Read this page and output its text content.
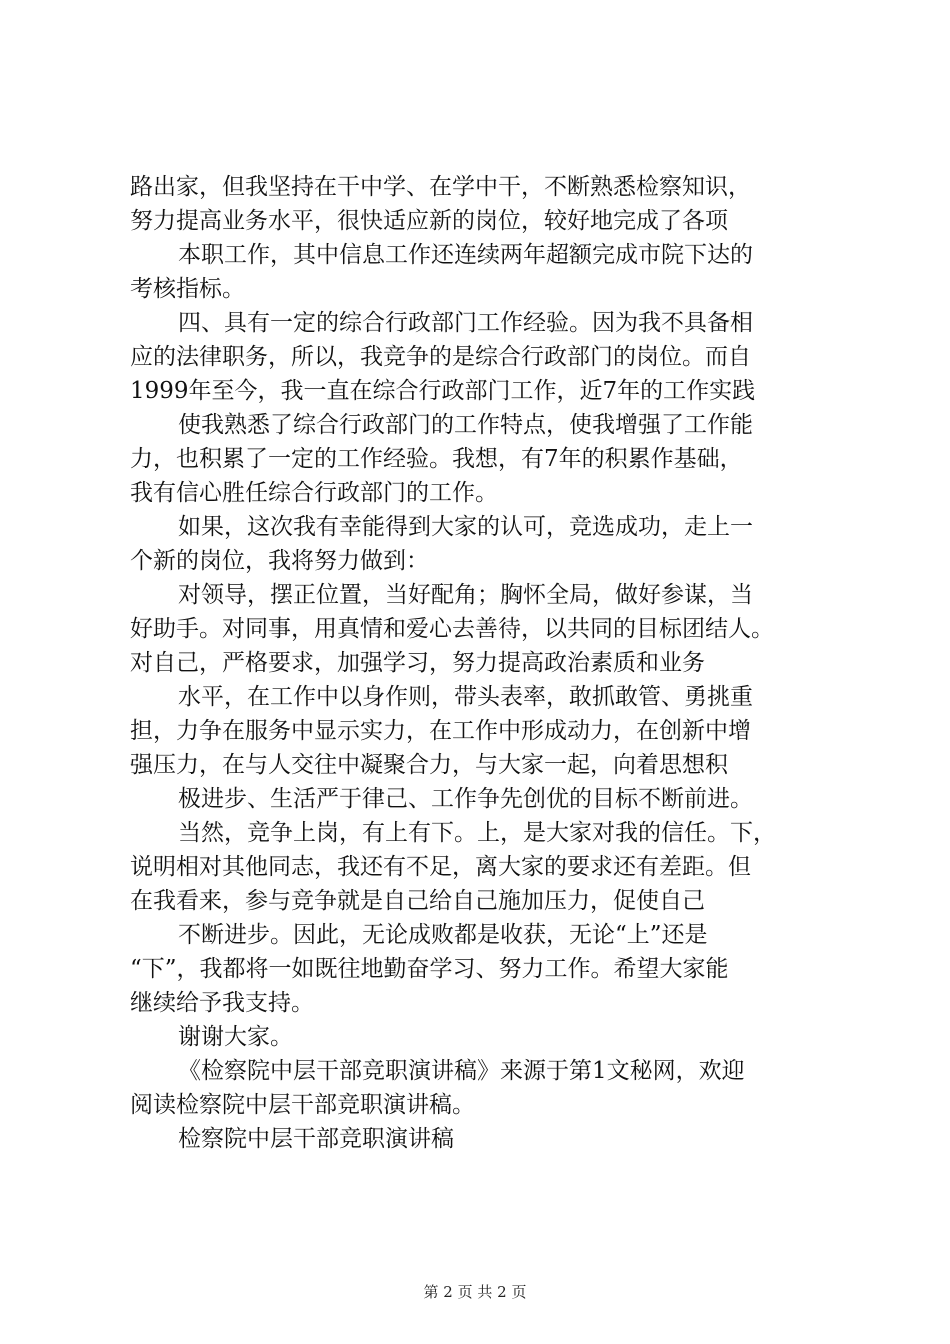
路出家，但我坚持在干中学、在学中干，不断熟悉检察知识，
努力提高业务水平，很快适应新的岗位，较好地完成了各项
本职工作，其中信息工作还连续两年超额完成市院下达的
考核指标。
四、具有一定的综合行政部门工作经验。因为我不具备相
应的法律职务，所以，我竞争的是综合行政部门的岗位。而自
1999年至今，我一直在综合行政部门工作，近7年的工作实践
使我熟悉了综合行政部门的工作特点，使我增强了工作能
力，也积累了一定的工作经验。我想，有7年的积累作基础，
我有信心胜任综合行政部门的工作。
如果，这次我有幸能得到大家的认可，竞选成功，走上一
个新的岗位，我将努力做到：
对领导，摆正位置，当好配角；胸怀全局，做好参谋，当
好助手。对同事，用真情和爱心去善待，以共同的目标团结人。
对自己，严格要求，加强学习，努力提高政治素质和业务
水平，在工作中以身作则，带头表率，敢抓敢管、勇挑重
担，力争在服务中显示实力，在工作中形成动力，在创新中增
强压力，在与人交往中凝聚合力，与大家一起，向着思想积
极进步、生活严于律己、工作争先创优的目标不断前进。
当然，竞争上岗，有上有下。上，是大家对我的信任。下，
说明相对其他同志，我还有不足，离大家的要求还有差距。但
在我看来，参与竞争就是自己给自己施加压力，促使自己
不断进步。因此，无论成败都是收获，无论“上”还是
“下”，我都将一如既往地勤奋学习、努力工作。希望大家能
继续给予我支持。
谢谢大家。
《检察院中层干部竞职演讲稿》来源于第1文秘网，欢迎
阅读检察院中层干部竞职演讲稿。
检察院中层干部竞职演讲稿
第 2 页 共 2 页
